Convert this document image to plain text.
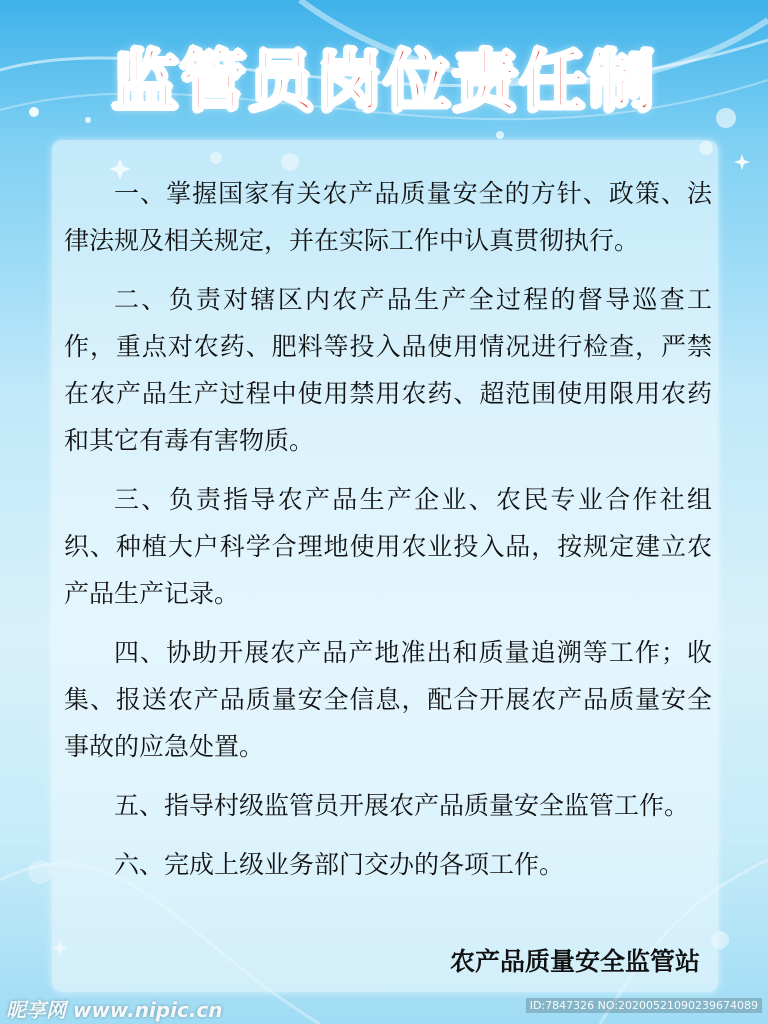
监管员岗位责任制

一、掌握国家有关农产品质量安全的方针、政策、法律法规及相关规定，并在实际工作中认真贯彻执行。

二、负责对辖区内农产品生产全过程的督导巡查工作，重点对农药、肥料等投入品使用情况进行检查，严禁在农产品生产过程中使用禁用农药、超范围使用限用农药和其它有毒有害物质。

三、负责指导农产品生产企业、农民专业合作社组织、种植大户科学合理地使用农业投入品，按规定建立农产品生产记录。

四、协助开展农产品产地准出和质量追溯等工作；收集、报送农产品质量安全信息，配合开展农产品质量安全事故的应急处置。

五、指导村级监管员开展农产品质量安全监管工作。

六、完成上级业务部门交办的各项工作。

农产品质量安全监管站
昵享网 www.nipic.cn	ID:7847326 NO:20200521090239674089
